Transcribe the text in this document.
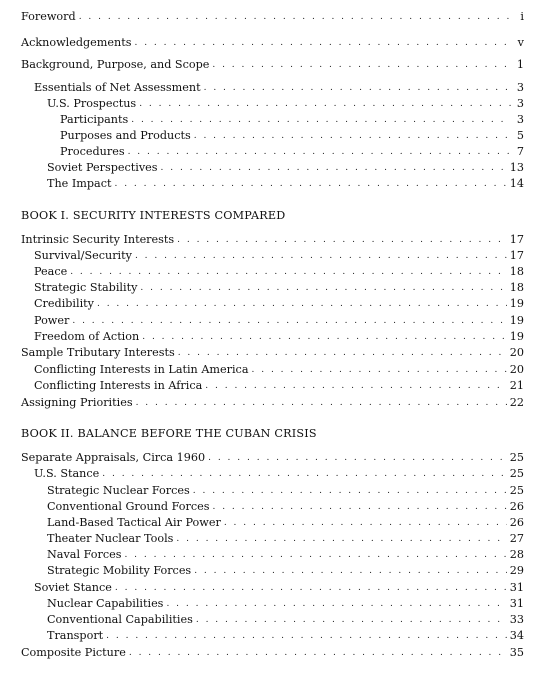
Foreword . . .	i
Acknowledgements . . .	v
Background, Purpose, and Scope . . .	1
Essentials of Net Assessment . . .	3
U.S. Prospectus . . .	3
Participants . . .	3
Purposes and Products . . .	5
Procedures . . .	7
Soviet Perspectives . . .	13
The Impact . . .	14
BOOK I. SECURITY INTERESTS COMPARED
Intrinsic Security Interests . . .	17
Survival/Security . . .	17
Peace . . .	18
Strategic Stability . . .	18
Credibility . . .	19
Power . . .	19
Freedom of Action . . .	19
Sample Tributary Interests . . .	20
Conflicting Interests in Latin America . . .	20
Conflicting Interests in Africa . . .	21
Assigning Priorities . . .	22
BOOK II. BALANCE BEFORE THE CUBAN CRISIS
Separate Appraisals, Circa 1960 . . .	25
U.S. Stance . . .	25
Strategic Nuclear Forces . . .	25
Conventional Ground Forces . . .	26
Land-Based Tactical Air Power . . .	26
Theater Nuclear Tools . . .	27
Naval Forces . . .	28
Strategic Mobility Forces . . .	29
Soviet Stance . . .	31
Nuclear Capabilities . . .	31
Conventional Capabilities . . .	33
Transport . . .	34
Composite Picture . . .	35
